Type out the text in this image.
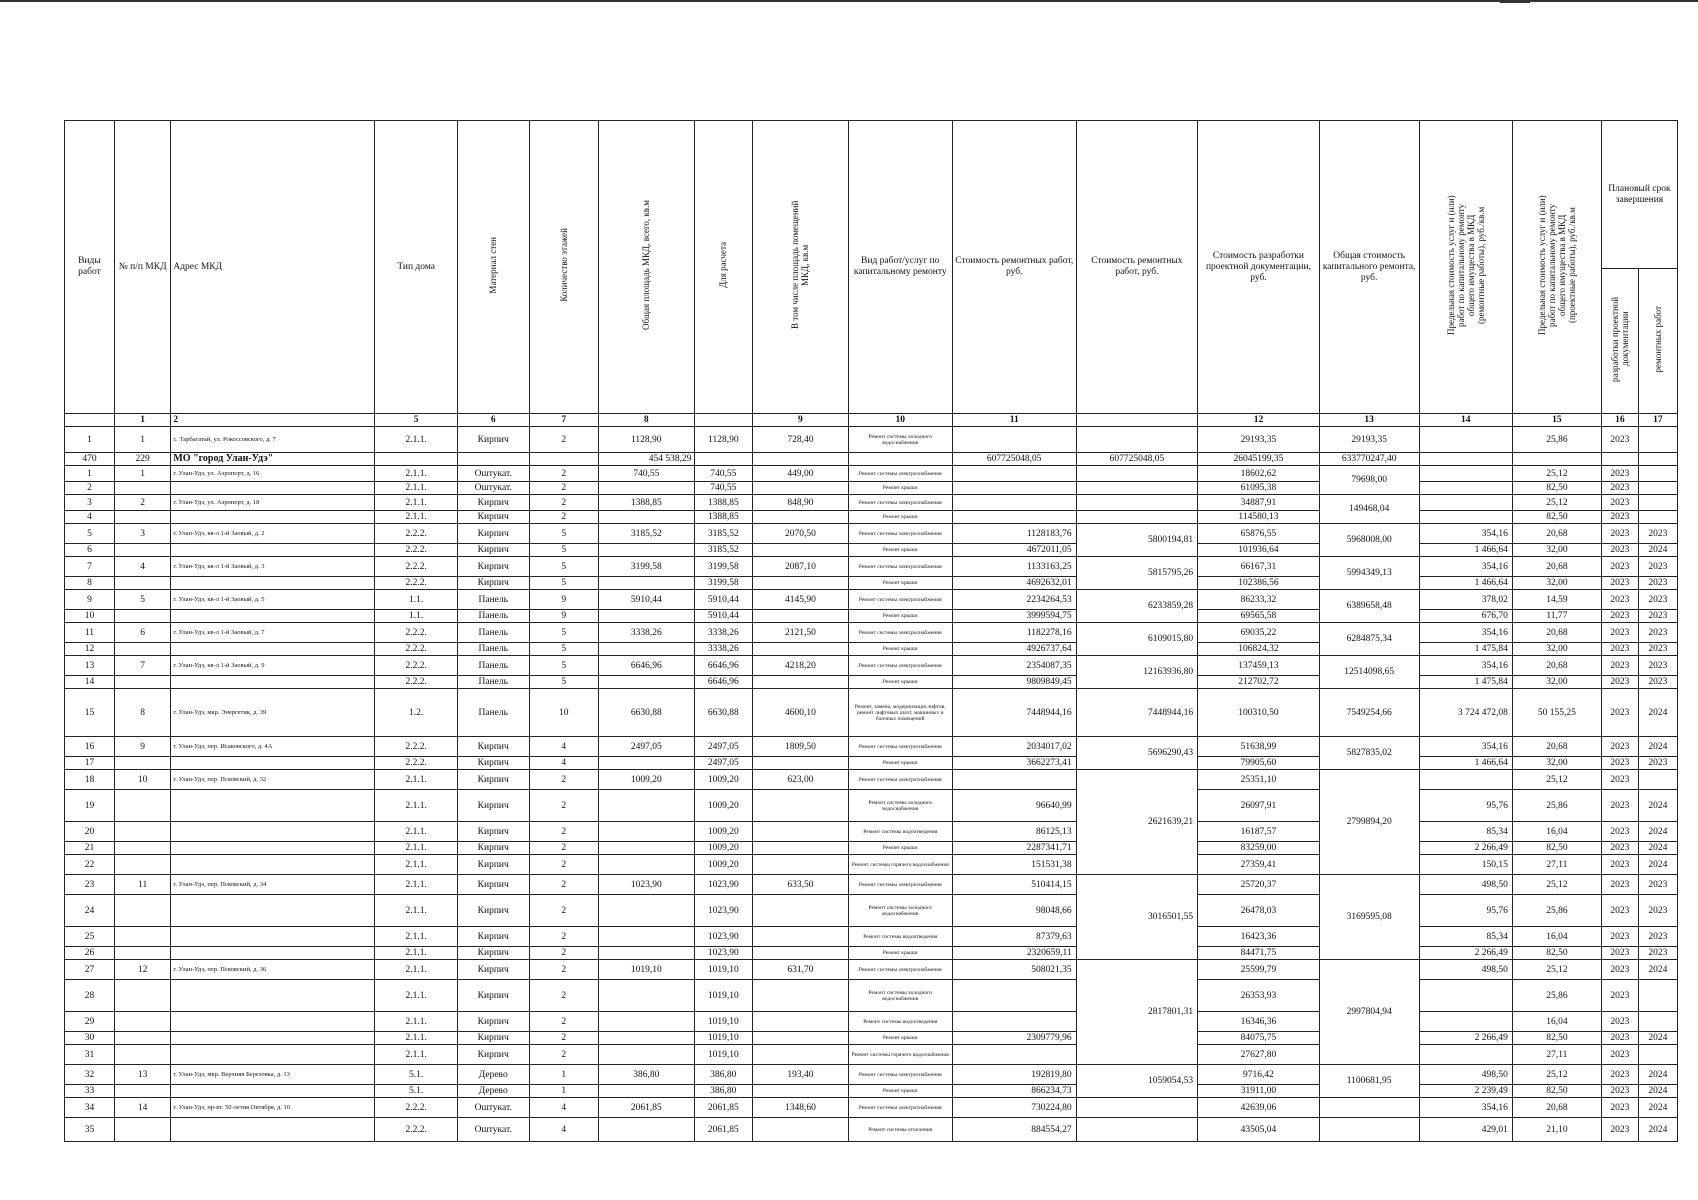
Виды работ	№ п/п МКД	Адрес МКД	Тип дома	Материал стен	Количество этажей	Общая площадь МКД, всего, кв.м	Для расчета	В том числе площадь помещений МКД, кв.м	Вид работ/услуг по капитальному ремонту	Стоимость ремонтных работ, руб.	Стоимость ремонтных работ, руб.	Стоимость разработки проектной документации, руб.	Общая стоимость капитального ремонта, руб.	Предельная стоимость услуг и (или) работ по капитальному ремонту общего имущества в МКД (ремонтные работы), руб./кв.м	Предельная стоимость услуг и (или) работ по капитальному ремонту общего имущества в МКД (проектные работы), руб./кв.м	Плановый срок завершения	
																разработки проектной документации	ремонтных работ
	1	2	5	6	7	8		9	10	11		12	13	14	15	16	17
1	1	с. Тарбагатай, ул. Рокоссовского, д. 7	2.1.1.	Кирпич	2	1128,90	1128,90	728,40	Ремонт системы холодного водоснабжения			29193,35	29193,35		25,86	2023	
470	229	МО "город Улан-Удэ"				454 538,29				607725048,05	607725048,05	26045199,35	633770247,40				
1	1	г. Улан-Удэ, ул. Аэропорт, д. 16	2.1.1.	Оштукат.	2	740,55	740,55	449,00	Ремонт системы электроснабжения			18602,62	79698,00		25,12	2023	
2			2.1.1.	Оштукат.	2		740,55		Ремонт крыши			61095,38			82,50	2023	
3	2	г. Улан-Удэ, ул. Аэропорт, д. 18	2.1.1.	Кирпич	2	1388,85	1388,85	848,90	Ремонт системы электроснабжения			34887,91	149468,04		25,12	2023	
4			2.1.1.	Кирпич	2		1388,85		Ремонт крыши			114580,13			82,50	2023	
5	3	г. Улан-Удэ, кв-л 1-й Заовый, д. 2	2.2.2.	Кирпич	5	3185,52	3185,52	2070,50	Ремонт системы электроснабжения	1128183,76	5800194,81	65876,55	5968008,00	354,16	20,68	2023	2023
6			2.2.2.	Кирпич	5		3185,52		Ремонт крыши	4672011,05		101936,64		1 466,64	32,00	2023	2024
7	4	г. Улан-Удэ, кв-л 1-й Заовый, д. 3	2.2.2.	Кирпич	5	3199,58	3199,58	2087,10	Ремонт системы электроснабжения	1133163,25	5815795,26	66167,31	5994349,13	354,16	20,68	2023	2023
8			2.2.2.	Кирпич	5		3199,58		Ремонт крыши	4692632,01		102386,56		1 466,64	32,00	2023	2023
9	5	г. Улан-Удэ, кв-л 1-й Заовый, д. 5	1.1.	Панель	9	5910,44	5910,44	4145,90	Ремонт системы электроснабжения	2234264,53	6233859,28	86233,32	6389658,48	378,02	14,59	2023	2023
10			1.1.	Панель	9		5910,44		Ремонт крыши	3999594,75		69565,58		676,70	11,77	2023	2023
11	6	г. Улан-Удэ, кв-л 1-й Заовый, д. 7	2.2.2.	Панель	5	3338,26	3338,26	2121,50	Ремонт системы электроснабжения	1182278,16	6109015,80	69035,22	6284875,34	354,16	20,68	2023	2023
12			2.2.2.	Панель	5		3338,26		Ремонт крыши	4926737,64		106824,32		1 475,84	32,00	2023	2023
13	7	г. Улан-Удэ, кв-л 1-й Заовый, д. 9	2.2.2.	Панель	5	6646,96	6646,96	4218,20	Ремонт системы электроснабжения	2354087,35	12163936,80	137459,13	12514098,65	354,16	20,68	2023	2023
14			2.2.2.	Панель	5		6646,96		Ремонт крыши	9809849,45		212702,72		1 475,84	32,00	2023	2023
15	8	г. Улан-Удэ, мкр. Энергетик, д. 39	1.2.	Панель	10	6630,88	6630,88	4600,10	Ремонт, замена, модернизация лифтов, ремонт лифтовых шахт, машинных и блочных помещений	7448944,16	7448944,16	100310,50	7549254,66	3 724 472,08	50 155,25	2023	2024
16	9	г. Улан-Удэ, пер. Исаковского, д. 4А	2.2.2.	Кирпич	4	2497,05	2497,05	1809,50	Ремонт системы электроснабжения	2034017,02	5696290,43	51638,99	5827835,02	354,16	20,68	2023	2024
17			2.2.2.	Кирпич	4		2497,05		Ремонт крыши	3662273,41		79905,60		1 466,64	32,00	2023	2023
18	10	г. Улан-Удэ, пер. Псковский, д. 32	2.1.1.	Кирпич	2	1009,20	1009,20	623,00	Ремонт системы электроснабжения		2621639,21	25351,10	2799894,20		25,12	2023	
19			2.1.1.	Кирпич	2		1009,20		Ремонт системы холодного водоснабжения	96640,99		26097,91		95,76	25,86	2023	2024
20			2.1.1.	Кирпич	2		1009,20		Ремонт системы водоотведения	86125,13		16187,57		85,34	16,04	2023	2024
21			2.1.1.	Кирпич	2		1009,20		Ремонт крыши	2287341,71		83259,00		2 266,49	82,50	2023	2024
22			2.1.1.	Кирпич	2		1009,20		Ремонт системы горячего водоснабжения	151531,38		27359,41		150,15	27,11	2023	2024
23	11	г. Улан-Удэ, пер. Псковский, д. 34	2.1.1.	Кирпич	2	1023,90	1023,90	633,50	Ремонт системы электроснабжения	510414,15	3016501,55	25720,37	3169595,08	498,50	25,12	2023	2023
24			2.1.1.	Кирпич	2		1023,90		Ремонт системы холодного водоснабжения	98048,66		26478,03		95,76	25,86	2023	2023
25			2.1.1.	Кирпич	2		1023,90		Ремонт системы водоотведения	87379,63		16423,36		85,34	16,04	2023	2023
26			2.1.1.	Кирпич	2		1023,90		Ремонт крыши	2320659,11		84471,75		2 266,49	82,50	2023	2023
27	12	г. Улан-Удэ, пер. Псковский, д. 36	2.1.1.	Кирпич	2	1019,10	1019,10	631,70	Ремонт системы электроснабжения	508021,35	2817801,31	25599,79	2997804,94	498,50	25,12	2023	2024
28			2.1.1.	Кирпич	2		1019,10		Ремонт системы холодного водоснабжения			26353,93			25,86	2023	
29			2.1.1.	Кирпич	2		1019,10		Ремонт системы водоотведения			16346,36			16,04	2023	
30			2.1.1.	Кирпич	2		1019,10		Ремонт крыши	2309779,96		84075,75		2 266,49	82,50	2023	2024
31			2.1.1.	Кирпич	2		1019,10		Ремонт системы горячего водоснабжения			27627,80			27,11	2023	
32	13	г. Улан-Удэ, мкр. Верхняя Березовка, д. 13	5.1.	Дерево	1	386,80	386,80	193,40	Ремонт системы электроснабжения	192819,80	1059054,53	9716,42	1100681,95	498,50	25,12	2023	2024
33			5.1.	Дерево	1		386,80		Ремонт крыши	866234,73		31911,00		2 239,49	82,50	2023	2024
34	14	г. Улан-Удэ, пр-кт. 50-летия Октября, д. 10	2.2.2.	Оштукат.	4	2061,85	2061,85	1348,60	Ремонт системы электроснабжения	730224,80		42639,06		354,16	20,68	2023	2024
35			2.2.2.	Оштукат.	4		2061,85		Ремонт системы отопления	884554,27		43505,04		429,01	21,10	2023	2024
